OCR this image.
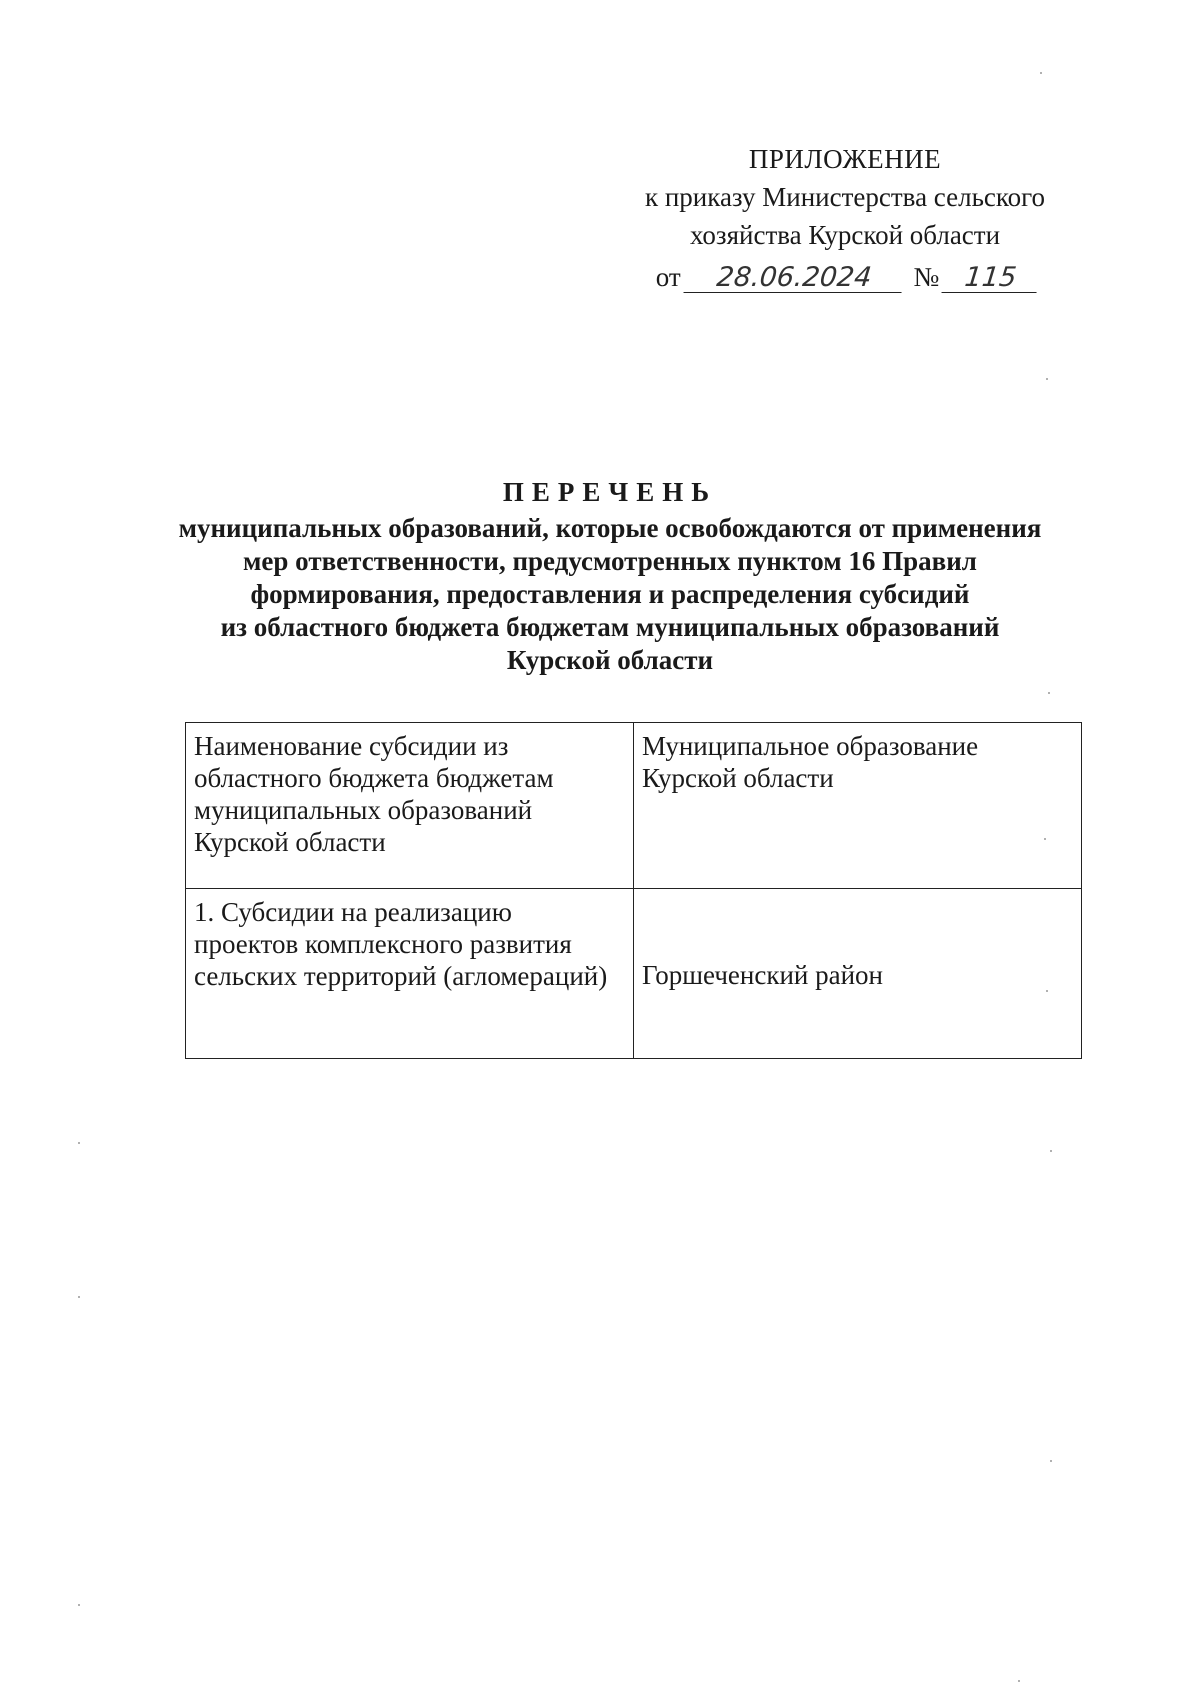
ПРИЛОЖЕНИЕ
к приказу Министерства сельского
хозяйства Курской области
от 28.06.2024 № 115
ПЕРЕЧЕНЬ
муниципальных образований, которые освобождаются от применения
мер ответственности, предусмотренных пунктом 16 Правил
формирования, предоставления и распределения субсидий
из областного бюджета бюджетам муниципальных образований
Курской области
Наименование субсидии из
областного бюджета бюджетам
муниципальных образований
Курской области	Муниципальное образование
Курской области

1. Субсидии на реализацию
проектов комплексного развития
сельских территорий (агломераций)	Горшеченский район
